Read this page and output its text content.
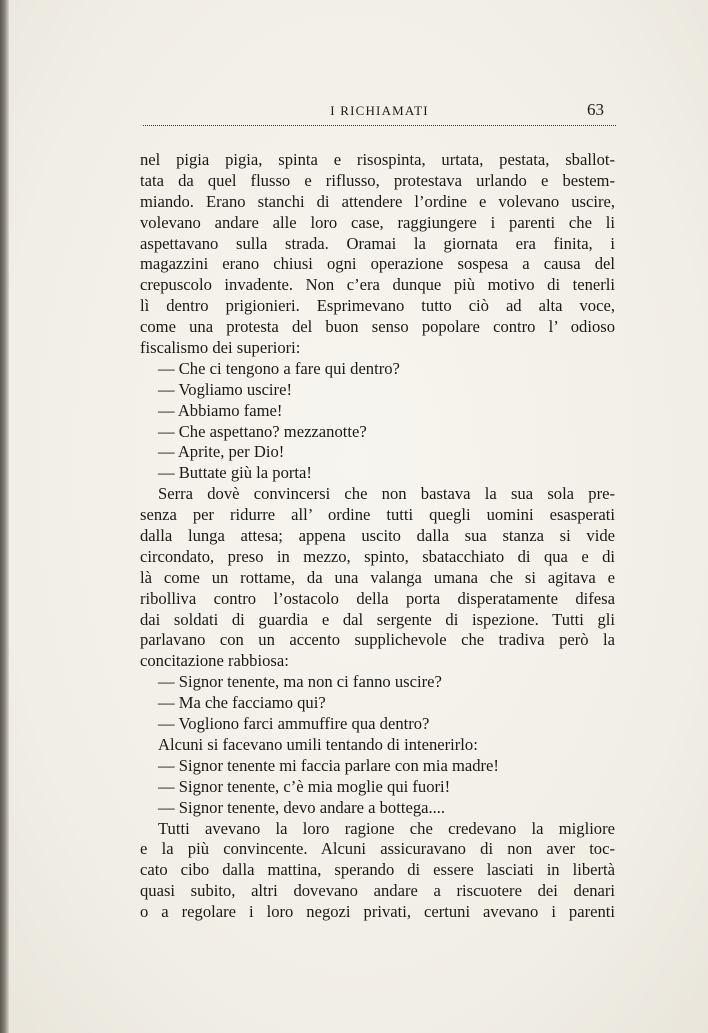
I RICHIAMATI	63
nel pigia pigia, spinta e risospinta, urtata, pestata, sballot-
tata da quel flusso e riflusso, protestava urlando e bestem-
miando. Erano stanchi di attendere l’ordine e volevano uscire,
volevano andare alle loro case, raggiungere i parenti che li
aspettavano sulla strada. Oramai la giornata era finita, i
magazzini erano chiusi ogni operazione sospesa a causa del
crepuscolo invadente. Non c’era dunque più motivo di tenerli
lì dentro prigionieri. Esprimevano tutto ciò ad alta voce,
come una protesta del buon senso popolare contro l’ odioso
fiscalismo dei superiori:
— Che ci tengono a fare qui dentro?
— Vogliamo uscire!
— Abbiamo fame!
— Che aspettano? mezzanotte?
— Aprite, per Dio!
— Buttate giù la porta!
Serra dovè convincersi che non bastava la sua sola pre-
senza per ridurre all’ ordine tutti quegli uomini esasperati
dalla lunga attesa; appena uscito dalla sua stanza si vide
circondato, preso in mezzo, spinto, sbatacchiato di qua e di
là come un rottame, da una valanga umana che si agitava e
ribolliva contro l’ostacolo della porta disperatamente difesa
dai soldati di guardia e dal sergente di ispezione. Tutti gli
parlavano con un accento supplichevole che tradiva però la
concitazione rabbiosa:
— Signor tenente, ma non ci fanno uscire?
— Ma che facciamo qui?
— Vogliono farci ammuffire qua dentro?
Alcuni si facevano umili tentando di intenerirlo:
— Signor tenente mi faccia parlare con mia madre!
— Signor tenente, c’è mia moglie qui fuori!
— Signor tenente, devo andare a bottega....
Tutti avevano la loro ragione che credevano la migliore
e la più convincente. Alcuni assicuravano di non aver toc-
cato cibo dalla mattina, sperando di essere lasciati in libertà
quasi subito, altri dovevano andare a riscuotere dei denari
o a regolare i loro negozi privati, certuni avevano i parenti
